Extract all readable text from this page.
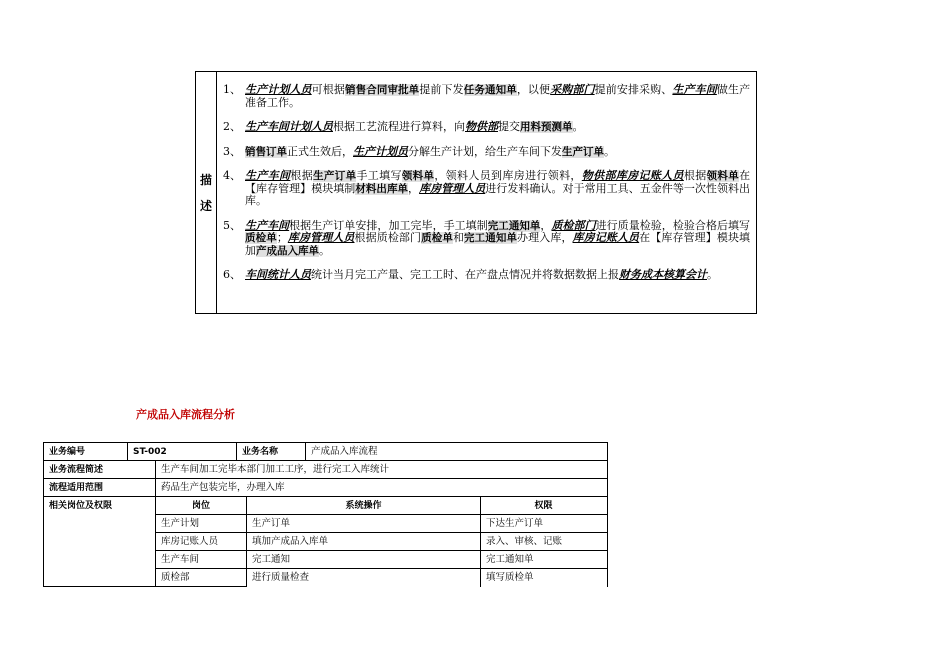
描
述
1、 生产计划人员可根据销售合同审批单提前下发任务通知单，以便采购部门提前安排采购、生产车间做生产准备工作。
2、 生产车间计划人员根据工艺流程进行算料，向物供部提交用料预测单。
3、 销售订单正式生效后，生产计划员分解生产计划，给生产车间下发生产订单。
4、 生产车间根据生产订单手工填写领料单，领料人员到库房进行领料，物供部库房记账人员根据领料单在【库存管理】模块填制材料出库单，库房管理人员进行发料确认。对于常用工具、五金件等一次性领料出库。
5、 生产车间根据生产订单安排，加工完毕，手工填制完工通知单，质检部门进行质量检验，检验合格后填写质检单；库房管理人员根据质检部门质检单和完工通知单办理入库，库房记账人员在【库存管理】模块填加产成品入库单。
6、 车间统计人员统计当月完工产量、完工工时、在产盘点情况并将数据数据上报财务成本核算会计。
产成品入库流程分析
业务编号	ST-002	业务名称	产成品入库流程
业务流程简述	生产车间加工完毕本部门加工工序，进行完工入库统计
流程适用范围	药品生产包装完毕，办理入库
相关岗位及权限	岗位	系统操作	权限
生产计划	生产订单	下达生产订单
库房记账人员	填加产成品入库单	录入、审核、记账
生产车间	完工通知	完工通知单
质检部	进行质量检查	填写质检单
